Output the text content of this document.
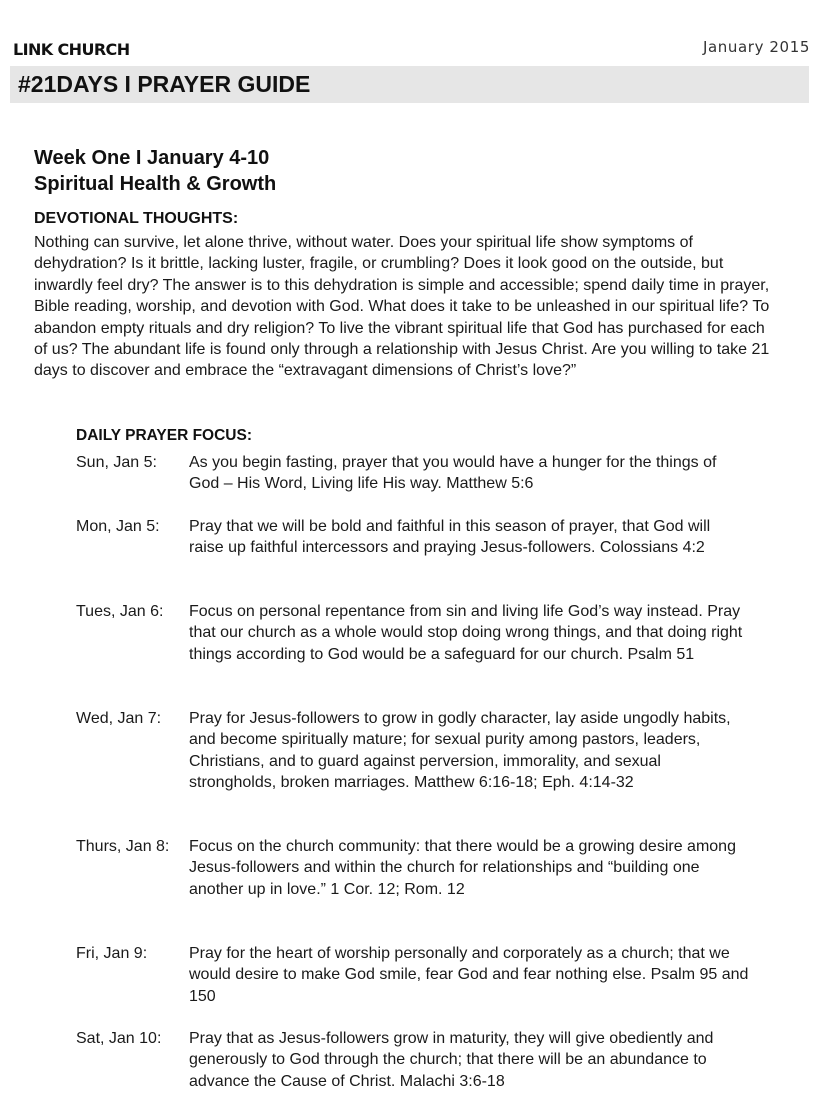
LINK CHURCH	January 2015
#21DAYS I PRAYER GUIDE
Week One I January 4-10
Spiritual Health & Growth
DEVOTIONAL THOUGHTS:
Nothing can survive, let alone thrive, without water. Does your spiritual life show symptoms of dehydration? Is it brittle, lacking luster, fragile, or crumbling? Does it look good on the outside, but inwardly feel dry? The answer is to this dehydration is simple and accessible; spend daily time in prayer, Bible reading, worship, and devotion with God. What does it take to be unleashed in our spiritual life? To abandon empty rituals and dry religion? To live the vibrant spiritual life that God has purchased for each of us? The abundant life is found only through a relationship with Jesus Christ. Are you willing to take 21 days to discover and embrace the “extravagant dimensions of Christ’s love?”
DAILY PRAYER FOCUS:
Sun, Jan 5: As you begin fasting, prayer that you would have a hunger for the things of God – His Word, Living life His way. Matthew 5:6
Mon, Jan 5: Pray that we will be bold and faithful in this season of prayer, that God will raise up faithful intercessors and praying Jesus-followers. Colossians 4:2
Tues, Jan 6: Focus on personal repentance from sin and living life God’s way instead. Pray that our church as a whole would stop doing wrong things, and that doing right things according to God would be a safeguard for our church. Psalm 51
Wed, Jan 7: Pray for Jesus-followers to grow in godly character, lay aside ungodly habits, and become spiritually mature; for sexual purity among pastors, leaders, Christians, and to guard against perversion, immorality, and sexual strongholds, broken marriages. Matthew 6:16-18; Eph. 4:14-32
Thurs, Jan 8: Focus on the church community: that there would be a growing desire among Jesus-followers and within the church for relationships and “building one another up in love.” 1 Cor. 12; Rom. 12
Fri, Jan 9:	Pray for the heart of worship personally and corporately as a church; that we would desire to make God smile, fear God and fear nothing else. Psalm 95 and 150
Sat, Jan 10: Pray that as Jesus-followers grow in maturity, they will give obediently and generously to God through the church; that there will be an abundance to advance the Cause of Christ. Malachi 3:6-18
